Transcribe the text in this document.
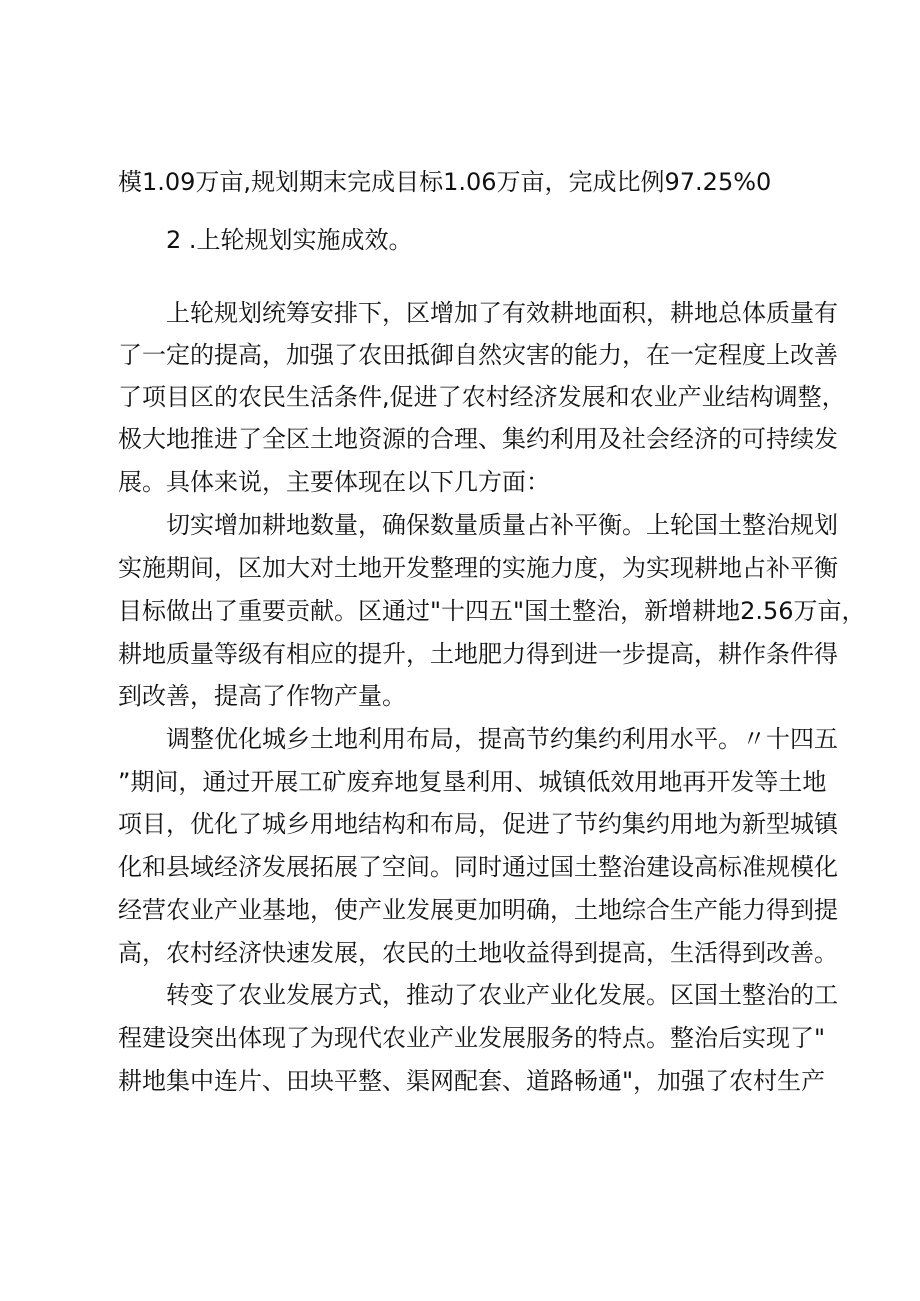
模1.09万亩,规划期末完成目标1.06万亩，完成比例97.25%0
2 .上轮规划实施成效。
上轮规划统筹安排下，区增加了有效耕地面积，耕地总体质量有
了一定的提高，加强了农田抵御自然灾害的能力，在一定程度上改善
了项目区的农民生活条件,促进了农村经济发展和农业产业结构调整，
极大地推进了全区土地资源的合理、集约利用及社会经济的可持续发
展。具体来说，主要体现在以下几方面：
切实增加耕地数量，确保数量质量占补平衡。上轮国土整治规划
实施期间，区加大对土地开发整理的实施力度，为实现耕地占补平衡
目标做出了重要贡献。区通过"十四五"国土整治，新增耕地2.56万亩，
耕地质量等级有相应的提升，土地肥力得到进一步提高，耕作条件得
到改善，提高了作物产量。
调整优化城乡土地利用布局，提高节约集约利用水平。〃十四五
”期间，通过开展工矿废弃地复垦利用、城镇低效用地再开发等土地
项目，优化了城乡用地结构和布局，促进了节约集约用地为新型城镇
化和县域经济发展拓展了空间。同时通过国土整治建设高标准规模化
经营农业产业基地，使产业发展更加明确，土地综合生产能力得到提
高，农村经济快速发展，农民的土地收益得到提高，生活得到改善。
转变了农业发展方式，推动了农业产业化发展。区国土整治的工
程建设突出体现了为现代农业产业发展服务的特点。整治后实现了"
耕地集中连片、田块平整、渠网配套、道路畅通"，加强了农村生产
